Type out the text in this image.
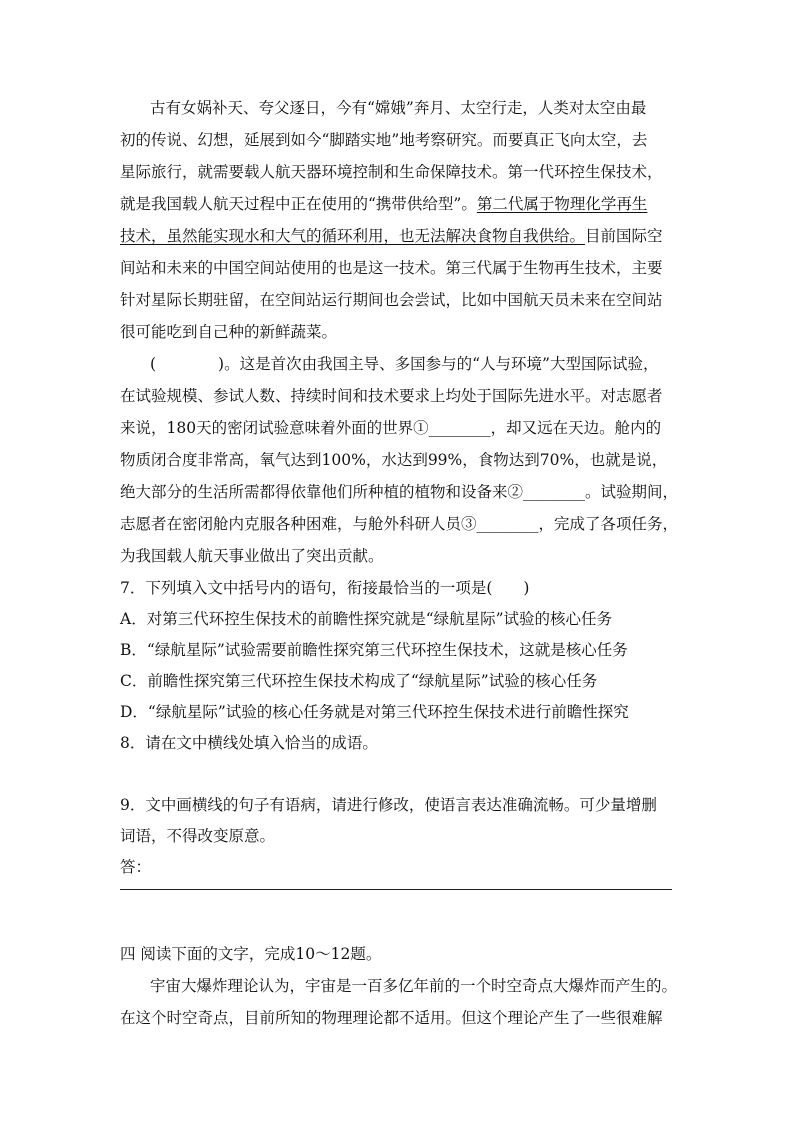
古有女娲补天、夸父逐日，今有“嫦娥”奔月、太空行走，人类对太空由最
初的传说、幻想，延展到如今“脚踏实地”地考察研究。而要真正飞向太空，去
星际旅行，就需要载人航天器环境控制和生命保障技术。第一代环控生保技术，
就是我国载人航天过程中正在使用的“携带供给型”。第二代属于物理化学再生
技术，虽然能实现水和大气的循环利用，也无法解决食物自我供给。目前国际空
间站和未来的中国空间站使用的也是这一技术。第三代属于生物再生技术，主要
针对星际长期驻留，在空间站运行期间也会尝试，比如中国航天员未来在空间站
很可能吃到自己种的新鲜蔬菜。
(　　　　)。这是首次由我国主导、多国参与的“人与环境”大型国际试验，
在试验规模、参试人数、持续时间和技术要求上均处于国际先进水平。对志愿者
来说，180天的密闭试验意味着外面的世界①________，却又远在天边。舱内的
物质闭合度非常高，氧气达到100%，水达到99%，食物达到70%，也就是说，
绝大部分的生活所需都得依靠他们所种植的植物和设备来②________。试验期间，
志愿者在密闭舱内克服各种困难，与舱外科研人员③________，完成了各项任务，
为我国载人航天事业做出了突出贡献。
7．下列填入文中括号内的语句，衔接最恰当的一项是(　　)
A．对第三代环控生保技术的前瞻性探究就是“绿航星际”试验的核心任务
B．“绿航星际”试验需要前瞻性探究第三代环控生保技术，这就是核心任务
C．前瞻性探究第三代环控生保技术构成了“绿航星际”试验的核心任务
D．“绿航星际”试验的核心任务就是对第三代环控生保技术进行前瞻性探究
8．请在文中横线处填入恰当的成语。
9．文中画横线的句子有语病，请进行修改，使语言表达准确流畅。可少量增删
词语，不得改变原意。
答：
四 阅读下面的文字，完成10～12题。
宇宙大爆炸理论认为，宇宙是一百多亿年前的一个时空奇点大爆炸而产生的。
在这个时空奇点，目前所知的物理理论都不适用。但这个理论产生了一些很难解
